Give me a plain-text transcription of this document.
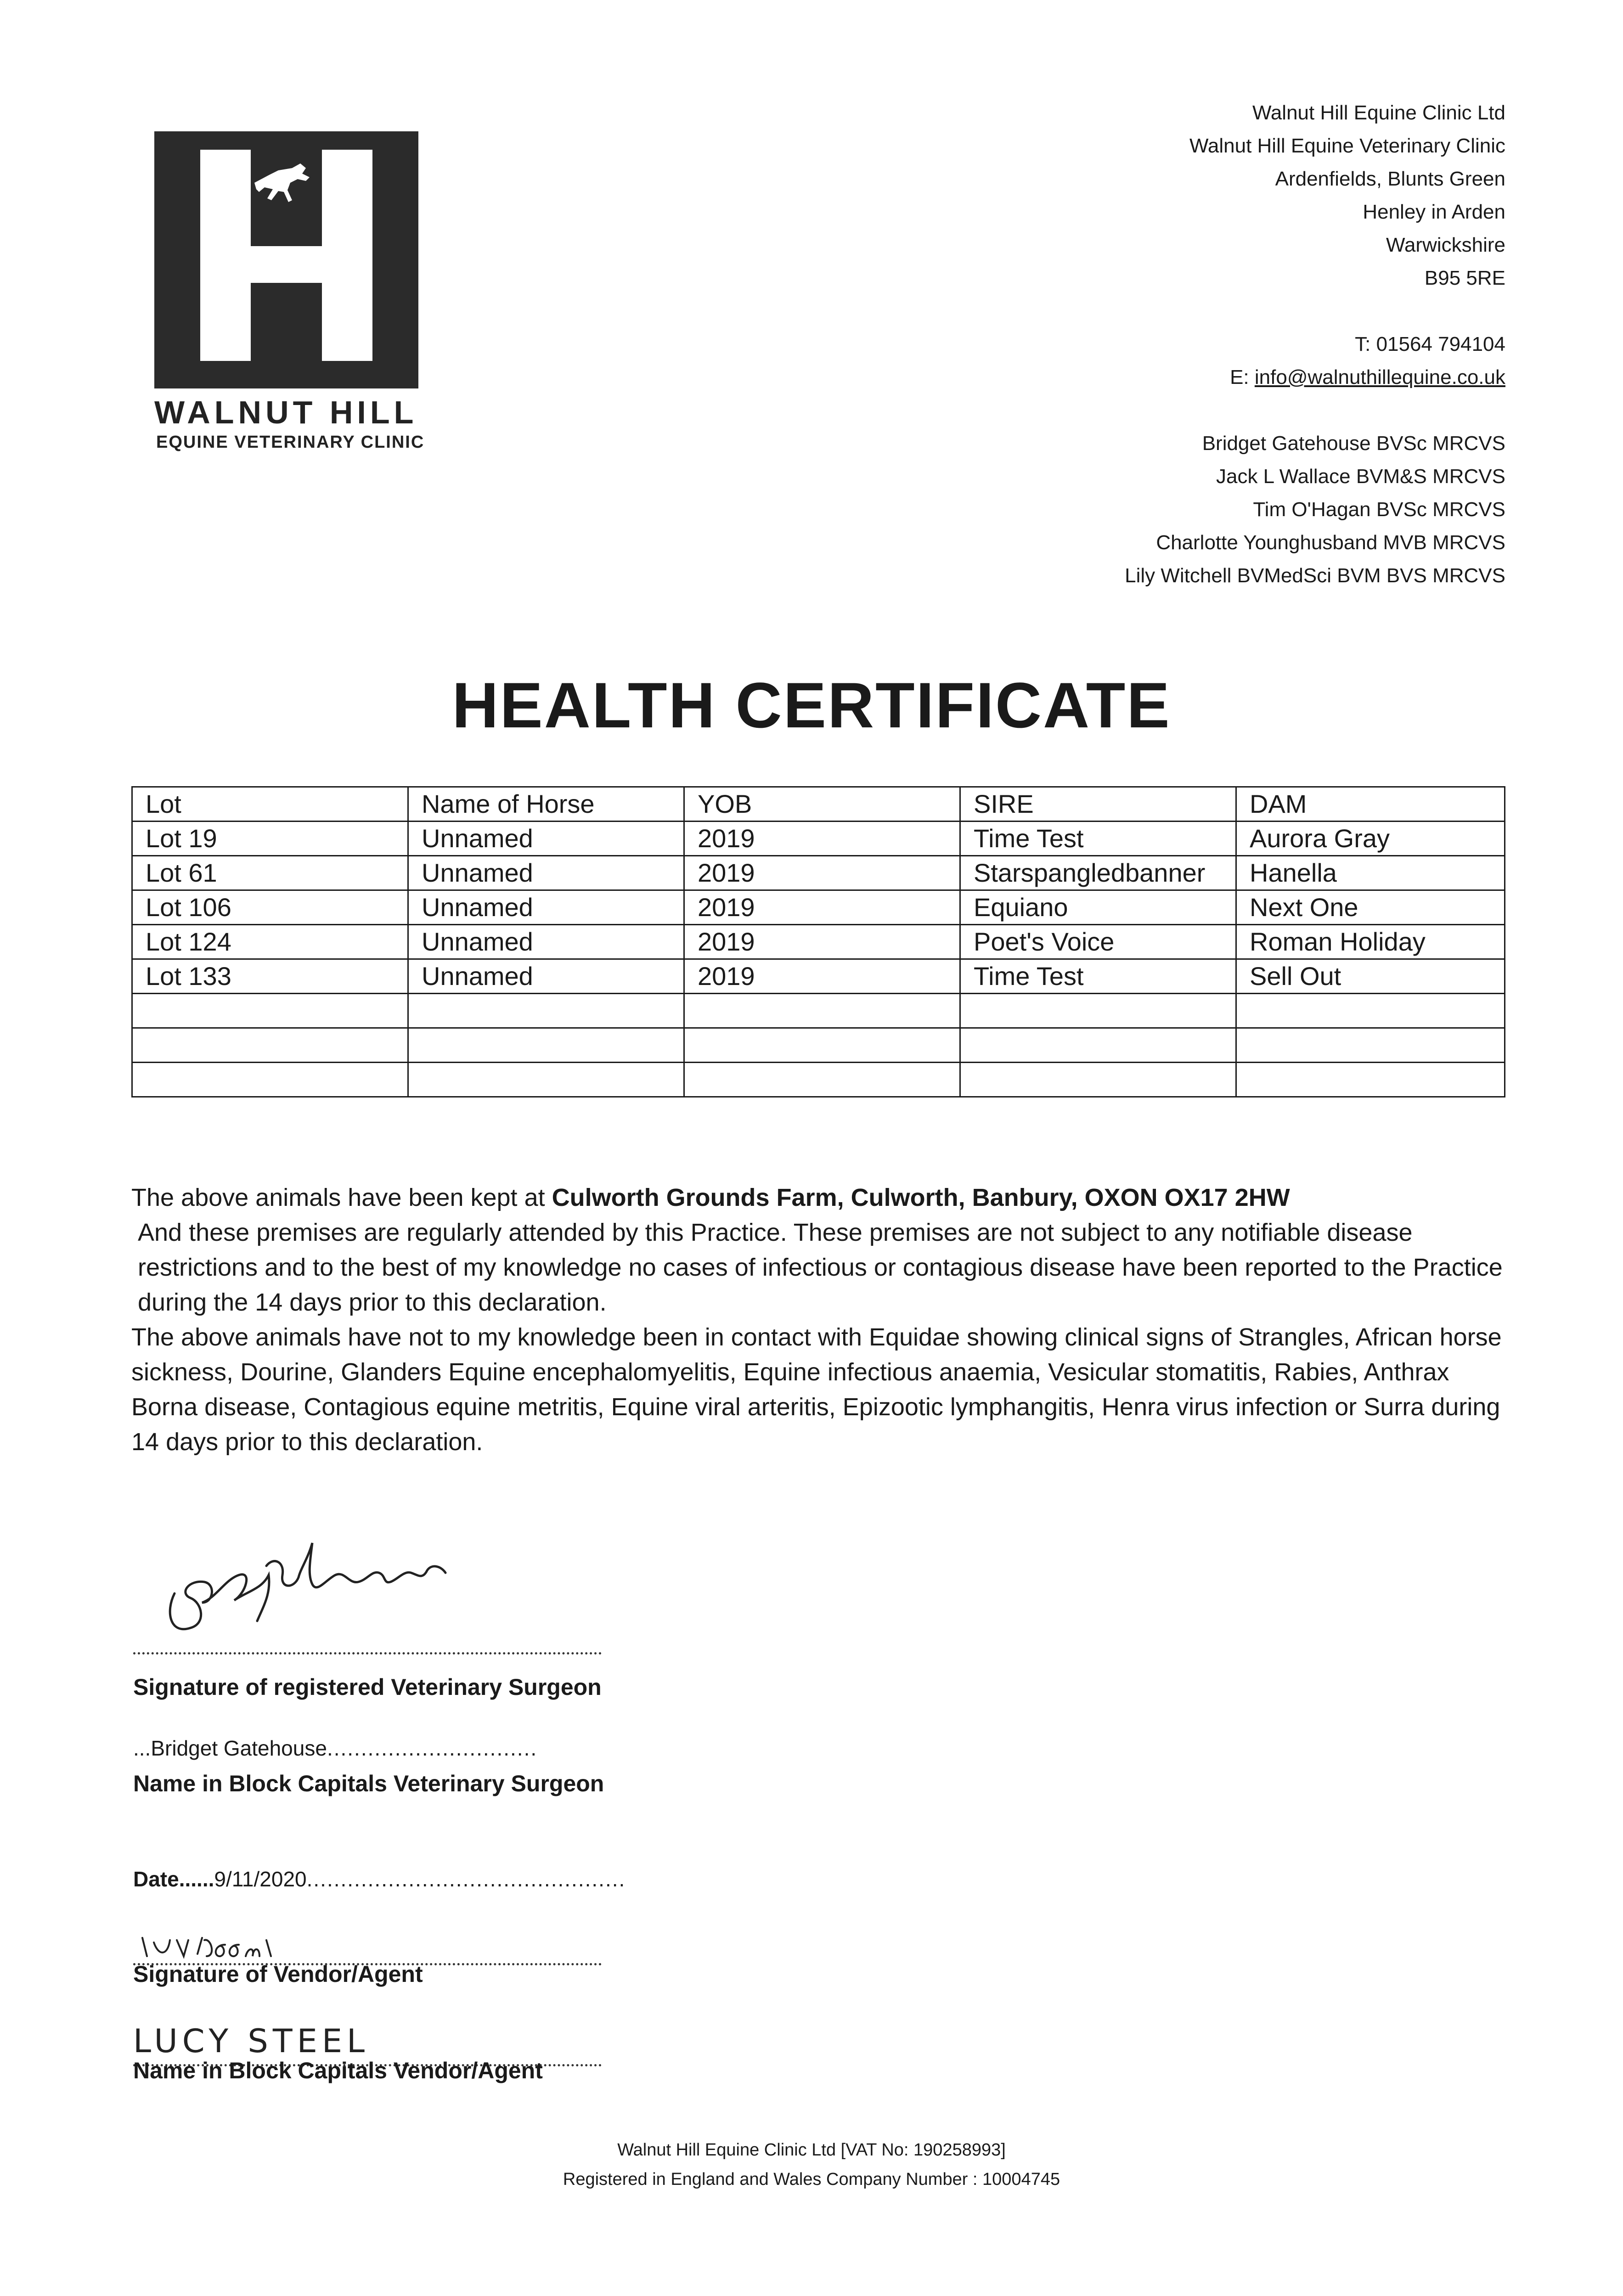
WALNUT HILL
EQUINE VETERINARY CLINIC
Walnut Hill Equine Clinic Ltd
Walnut Hill Equine Veterinary Clinic
Ardenfields, Blunts Green
Henley in Arden
Warwickshire
B95 5RE
T: 01564 794104
E: info@walnuthillequine.co.uk
Bridget Gatehouse BVSc MRCVS
Jack L Wallace BVM&S MRCVS
Tim O'Hagan BVSc MRCVS
Charlotte Younghusband MVB MRCVS
Lily Witchell BVMedSci BVM BVS MRCVS
HEALTH CERTIFICATE
Lot	Name of Horse	YOB	SIRE	DAM
Lot 19	Unnamed	2019	Time Test	Aurora Gray
Lot 61	Unnamed	2019	Starspangledbanner	Hanella
Lot 106	Unnamed	2019	Equiano	Next One
Lot 124	Unnamed	2019	Poet's Voice	Roman Holiday
Lot 133	Unnamed	2019	Time Test	Sell Out

The above animals have been kept at Culworth Grounds Farm, Culworth, Banbury, OXON OX17 2HW

And these premises are regularly attended by this Practice. These premises are not subject to any notifiable disease restrictions and to the best of my knowledge no cases of infectious or contagious disease have been reported to the Practice during the 14 days prior to this declaration.

The above animals have not to my knowledge been in contact with Equidae showing clinical signs of Strangles, African horse sickness, Dourine, Glanders Equine encephalomyelitis, Equine infectious anaemia, Vesicular stomatitis, Rabies, Anthrax Borna disease, Contagious equine metritis, Equine viral arteritis, Epizootic lymphangitis, Henra virus infection or Surra during 14 days prior to this declaration.

Signature of registered Veterinary Surgeon
...Bridget Gatehouse...............................
Name in Block Capitals Veterinary Surgeon
Date......9/11/2020...............................................
Signature of Vendor/Agent
LUCY STEEL
Name in Block Capitals Vendor/Agent
Walnut Hill Equine Clinic Ltd [VAT No: 190258993]
Registered in England and Wales Company Number : 10004745
